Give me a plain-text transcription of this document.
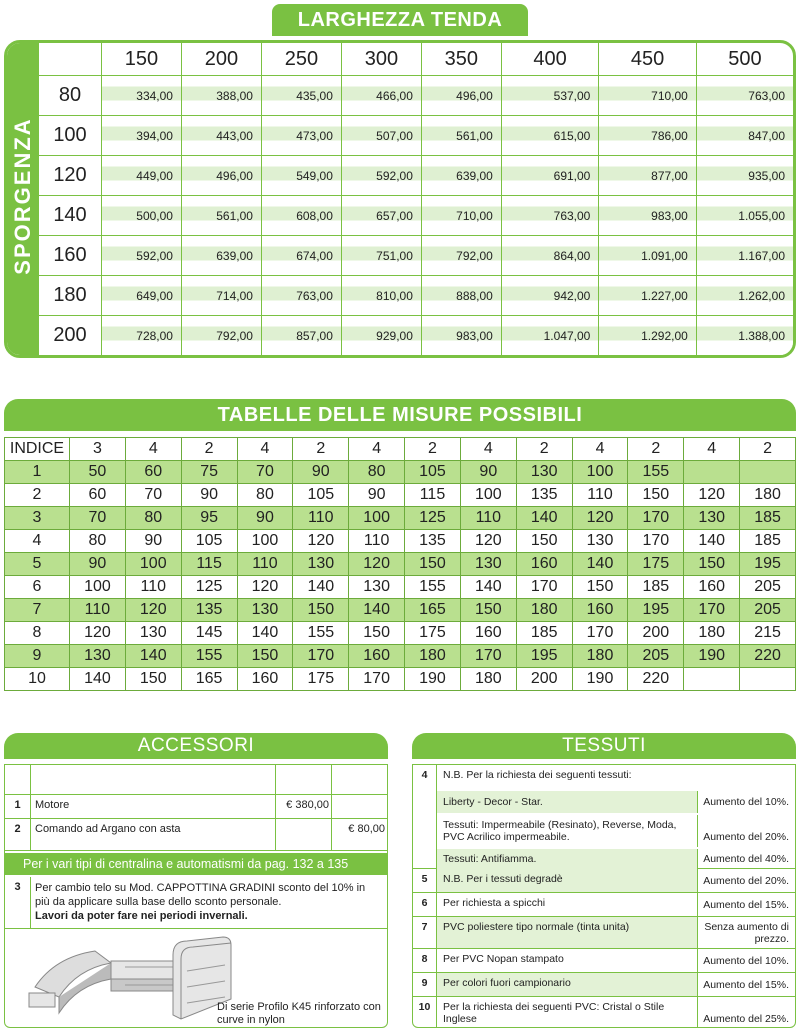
LARGHEZZA TENDA
SPORGENZA
	150	200	250	300	350	400	450	500
80	334,00	388,00	435,00	466,00	496,00	537,00	710,00	763,00
100	394,00	443,00	473,00	507,00	561,00	615,00	786,00	847,00
120	449,00	496,00	549,00	592,00	639,00	691,00	877,00	935,00
140	500,00	561,00	608,00	657,00	710,00	763,00	983,00	1.055,00
160	592,00	639,00	674,00	751,00	792,00	864,00	1.091,00	1.167,00
180	649,00	714,00	763,00	810,00	888,00	942,00	1.227,00	1.262,00
200	728,00	792,00	857,00	929,00	983,00	1.047,00	1.292,00	1.388,00
TABELLE DELLE MISURE POSSIBILI
INDICE	3	4	2	4	2	4	2	4	2	4	2	4	2
1	50	60	75	70	90	80	105	90	130	100	155		
2	60	70	90	80	105	90	115	100	135	110	150	120	180
3	70	80	95	90	110	100	125	110	140	120	170	130	185
4	80	90	105	100	120	110	135	120	150	130	170	140	185
5	90	100	115	110	130	120	150	130	160	140	175	150	195
6	100	110	125	120	140	130	155	140	170	150	185	160	205
7	110	120	135	130	150	140	165	150	180	160	195	170	205
8	120	130	145	140	155	150	175	160	185	170	200	180	215
9	130	140	155	150	170	160	180	170	195	180	205	190	220
10	140	150	165	160	175	170	190	180	200	190	220		
ACCESSORI

1	Motore	€ 380,00
2	Comando ad Argano con asta	€ 80,00
Per i vari tipi di centralina e automatismi da pag. 132 a 135
3	Per cambio telo su Mod. CAPPOTTINA GRADINI sconto del 10% in più da applicare sulla base dello sconto personale.
Lavori da poter fare nei periodi invernali.
Di serie Profilo K45 rinforzato con curve in nylon
TESSUTI
4	N.B. Per la richiesta dei seguenti tessuti:
Liberty - Decor - Star.	Aumento del 10%.
Tessuti: Impermeabile (Resinato), Reverse, Moda, PVC Acrilico impermeabile.	Aumento del 20%.
Tessuti: Antifiamma.	Aumento del 40%.
5	N.B. Per i tessuti degradè	Aumento del 20%.
6	Per richiesta a spicchi	Aumento del 15%.
7	PVC poliestere tipo normale (tinta unita)	Senza aumento di prezzo.
8	Per PVC Nopan stampato	Aumento del 10%.
9	Per colori fuori campionario	Aumento del 15%.
10	Per la richiesta dei seguenti PVC: Cristal o Stile Inglese	Aumento del 25%.
